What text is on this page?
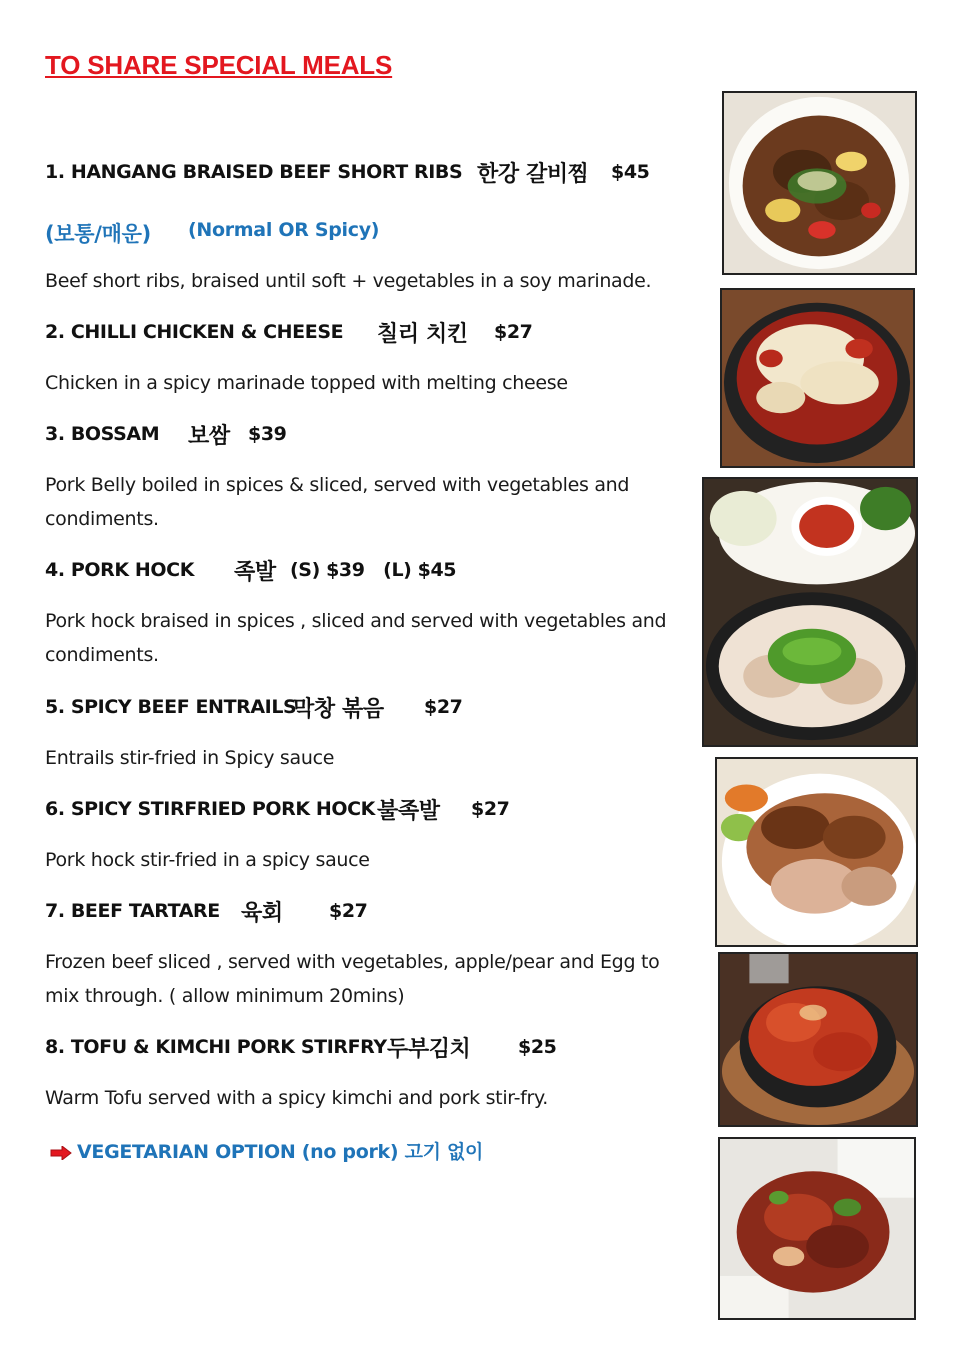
TO SHARE SPECIAL MEALS
1. HANGANG BRAISED BEEF SHORT RIBS 한강 갈비찜 $45
(보통/매운) (Normal OR Spicy)
Beef short ribs, braised until soft + vegetables in a soy marinade.
2. CHILLI CHICKEN & CHEESE 칠리 치킨 $27
Chicken in a spicy marinade topped with melting cheese
3. BOSSAM 보쌈 $39
Pork Belly boiled in spices & sliced, served with vegetables and condiments.
4. PORK HOCK 족발 (S) $39   (L) $45
Pork hock braised in spices , sliced and served with vegetables and condiments.
5. SPICY BEEF ENTRAILS
막창 볶음 $27
Entrails stir-fried in Spicy sauce
6. SPICY STIRFRIED PORK HOCK 불족발 $27
Pork hock stir-fried in a spicy sauce
7. BEEF TARTARE 육회 $27
Frozen beef sliced , served with vegetables, apple/pear and Egg to mix through. ( allow minimum 20mins)
8. TOFU & KIMCHI PORK STIRFRY 두부김치	$25
Warm Tofu served with a spicy kimchi and pork stir-fry.
VEGETARIAN OPTION (no pork) 고기 없이
